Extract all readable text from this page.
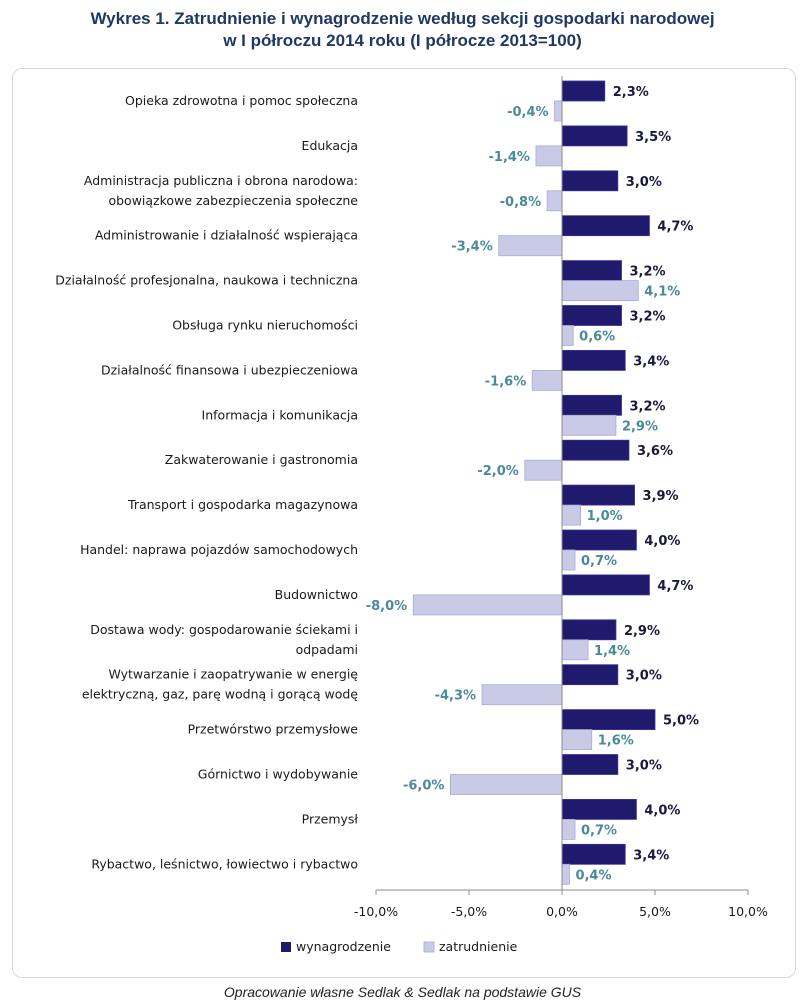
Wykres 1. Zatrudnienie i wynagrodzenie według sekcji gospodarki narodowej
w I półroczu 2014 roku (I półrocze 2013=100)
Opieka zdrowotna i pomoc społeczna
2,3%
-0,4%
Edukacja
3,5%
-1,4%
Administracja publiczna i obrona narodowa:
obowiązkowe zabezpieczenia społeczne
3,0%
-0,8%
Administrowanie i działalność wspierająca
4,7%
-3,4%
Działalność profesjonalna, naukowa i techniczna
3,2%
4,1%
Obsługa rynku nieruchomości
3,2%
0,6%
Działalność finansowa i ubezpieczeniowa
3,4%
-1,6%
Informacja i komunikacja
3,2%
2,9%
Zakwaterowanie i gastronomia
3,6%
-2,0%
Transport i gospodarka magazynowa
3,9%
1,0%
Handel: naprawa pojazdów samochodowych
4,0%
0,7%
Budownictwo
4,7%
-8,0%
Dostawa wody: gospodarowanie ściekami i
odpadami
2,9%
1,4%
Wytwarzanie i zaopatrywanie w energię
elektryczną, gaz, parę wodną i gorącą wodę
3,0%
-4,3%
Przetwórstwo przemysłowe
5,0%
1,6%
Górnictwo i wydobywanie
3,0%
-6,0%
Przemysł
4,0%
0,7%
Rybactwo, leśnictwo, łowiectwo i rybactwo
3,4%
0,4%
-10,0%	-5,0%	0,0%	5,0%	10,0%
wynagrodzenie	zatrudnienie
Opracowanie własne Sedlak & Sedlak na podstawie GUS
